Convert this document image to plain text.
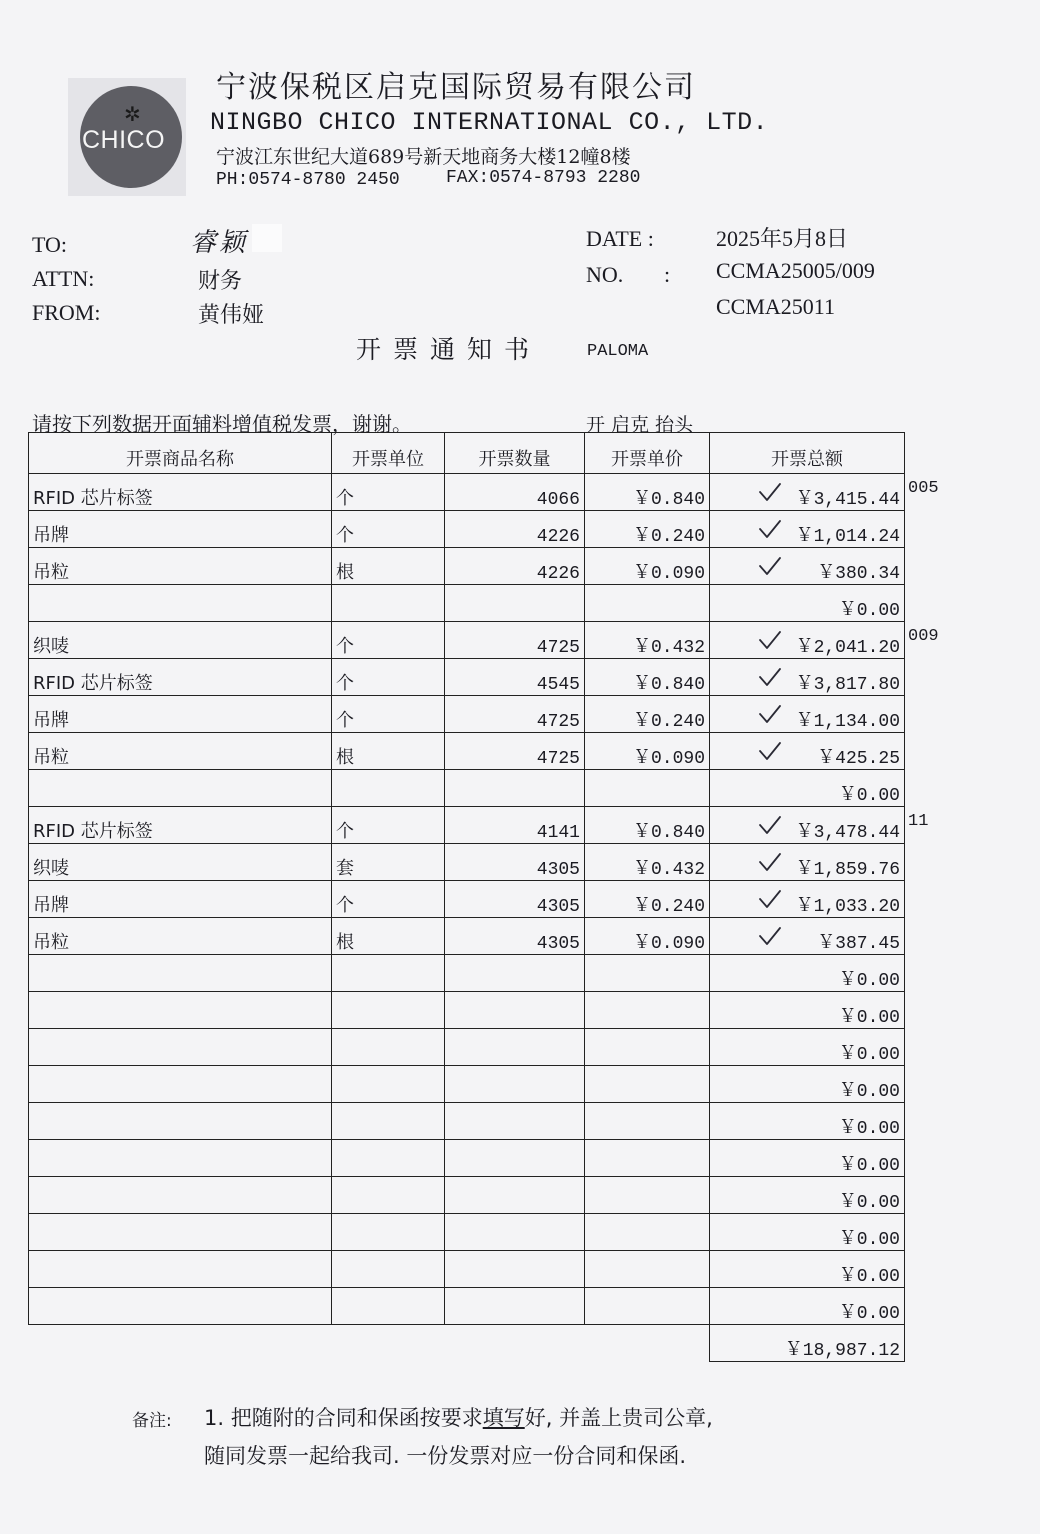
✲
CHICO
宁波保税区启克国际贸易有限公司
NINGBO CHICO INTERNATIONAL CO., LTD.
宁波江东世纪大道689号新天地商务大楼12幢8楼
PH:0574-8780 2450	FAX:0574-8793 2280
TO:	睿颖
ATTN:	财务
FROM:	黄伟娅
DATE :	2025年5月8日
NO. : CCMA25005/009
CCMA25011
开票通知书	PALOMA
请按下列数据开面辅料增值税发票，谢谢。	开 启克 抬头
开票商品名称	开票单位	开票数量	开票单价	开票总额
RFID 芯片标签	个	4066	￥0.840	￥3,415.44

吊牌	个	4226	￥0.240	￥1,014.24

吊粒	根	4226	￥0.090	￥380.34

				￥0.00
织唛	个	4725	￥0.432	￥2,041.20

RFID 芯片标签	个	4545	￥0.840	￥3,817.80

吊牌	个	4725	￥0.240	￥1,134.00

吊粒	根	4725	￥0.090	￥425.25

				￥0.00
RFID 芯片标签	个	4141	￥0.840	￥3,478.44

织唛	套	4305	￥0.432	￥1,859.76

吊牌	个	4305	￥0.240	￥1,033.20

吊粒	根	4305	￥0.090	￥387.45

				￥0.00
				￥0.00
				￥0.00
				￥0.00
				￥0.00
				￥0.00
				￥0.00
				￥0.00
				￥0.00
				￥0.00
				￥18,987.12
备注: 1. 把随附的合同和保函按要求填写好, 并盖上贵司公章,
随同发票一起给我司. 一份发票对应一份合同和保函.
005
009
11
